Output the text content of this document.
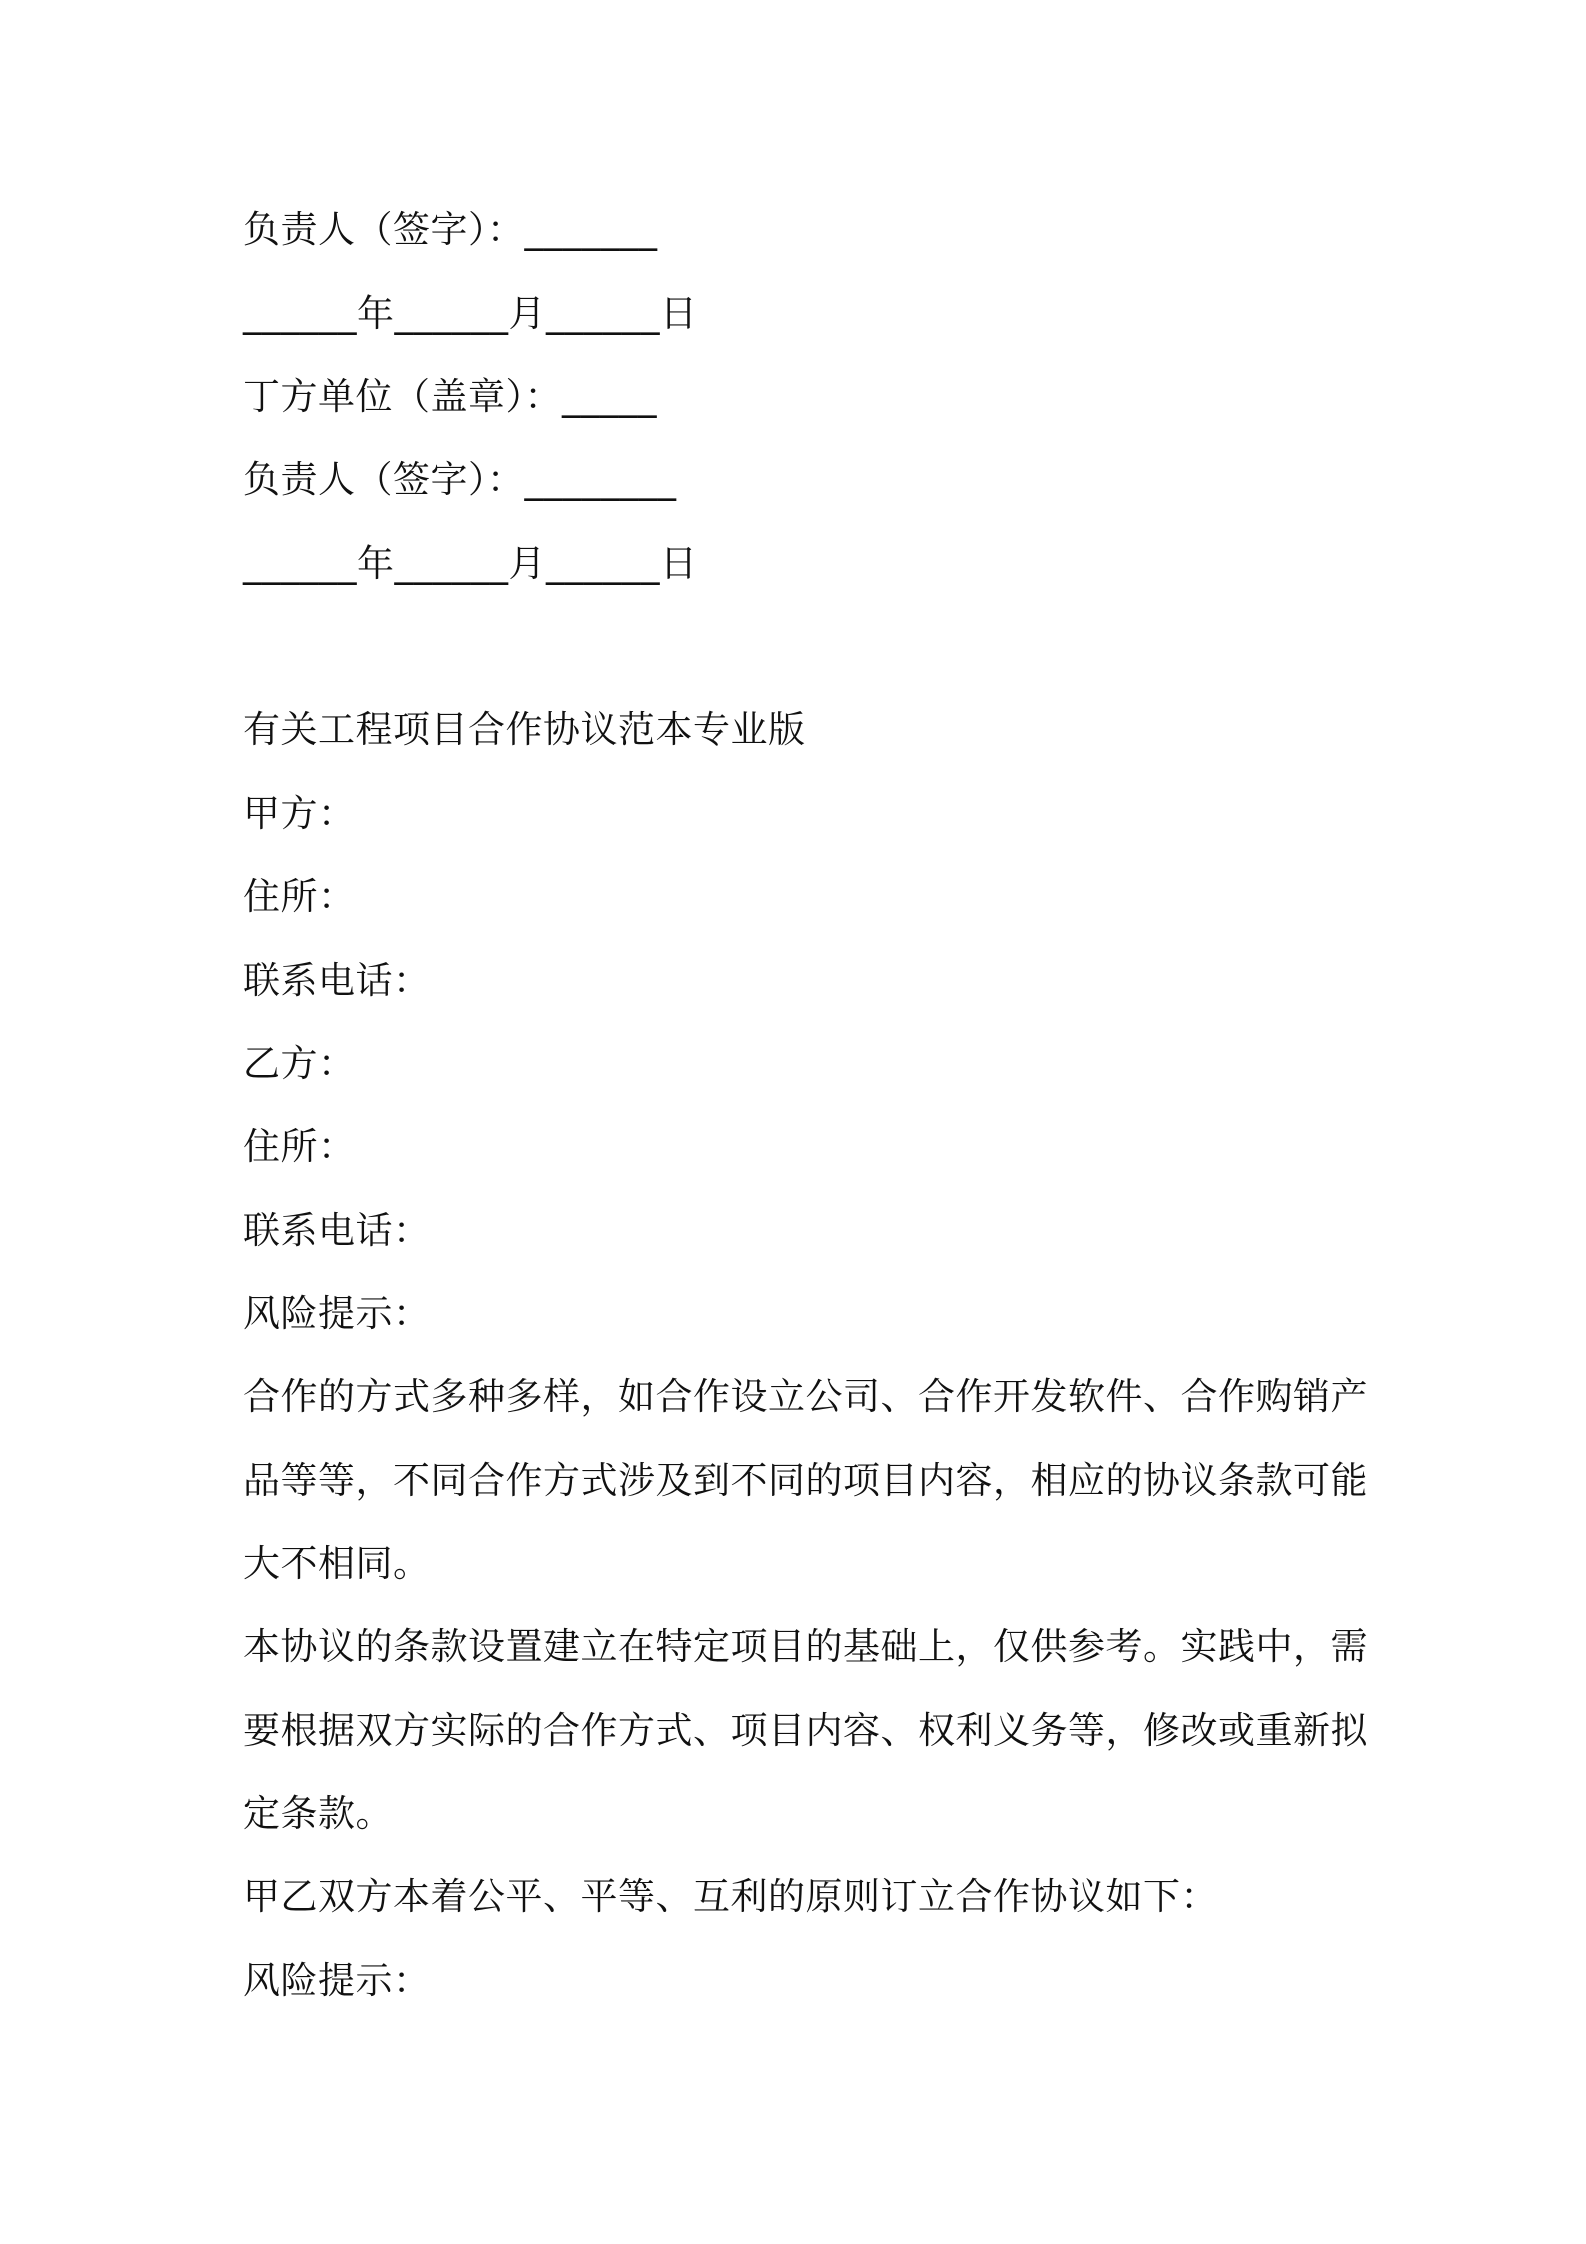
负责人（签字）：_______
______年______月______日
丁方单位（盖章）：_____
负责人（签字）：________
______年______月______日
有关工程项目合作协议范本专业版
甲方：
住所：
联系电话：
乙方：
住所：
联系电话：
风险提示：
合作的方式多种多样，如合作设立公司、合作开发软件、合作购销产
品等等，不同合作方式涉及到不同的项目内容，相应的协议条款可能
大不相同。
本协议的条款设置建立在特定项目的基础上，仅供参考。实践中，需
要根据双方实际的合作方式、项目内容、权利义务等，修改或重新拟
定条款。
甲乙双方本着公平、平等、互利的原则订立合作协议如下：
风险提示：
